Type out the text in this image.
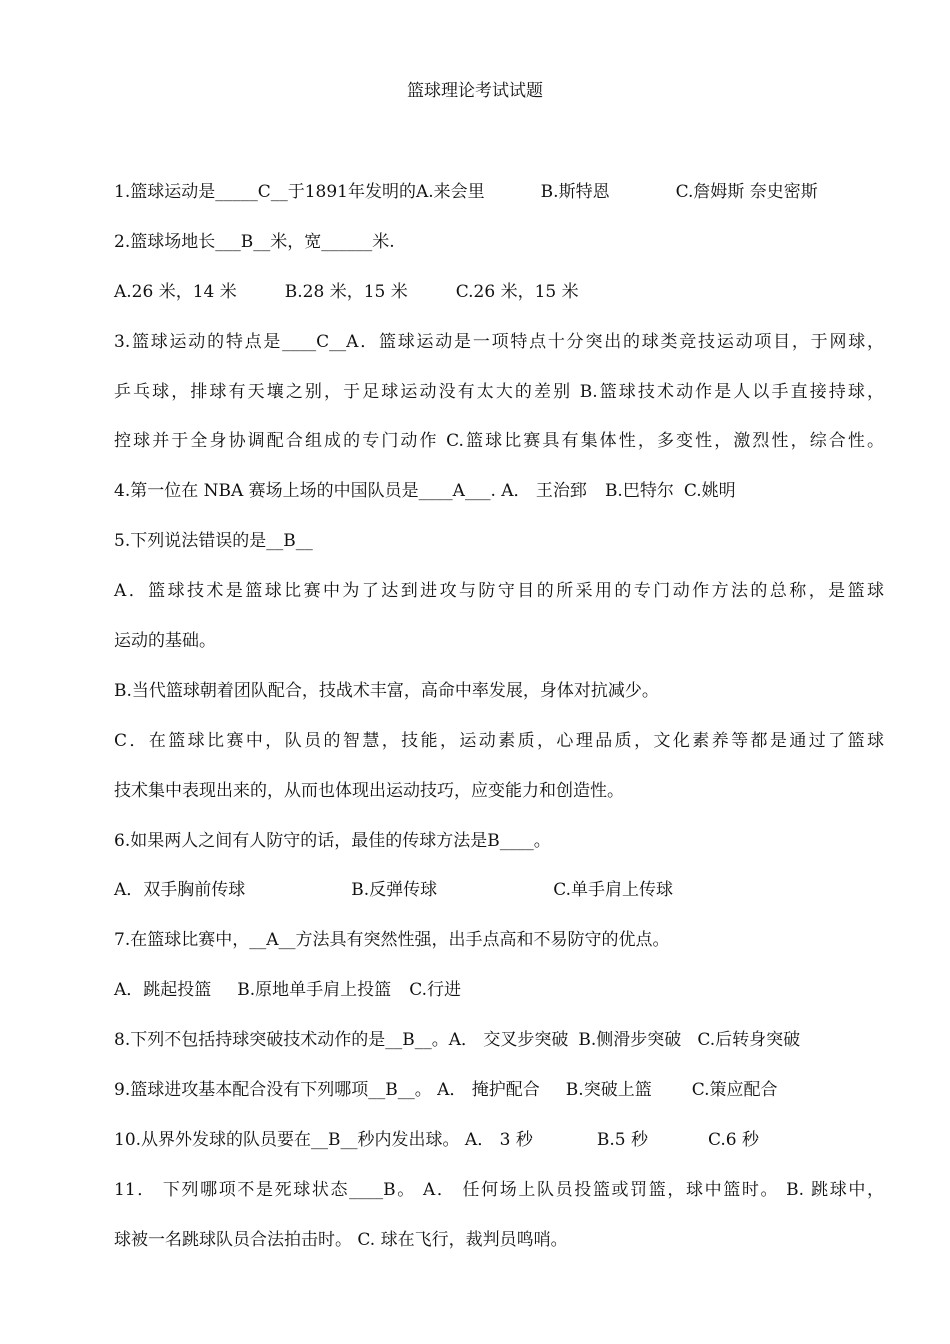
篮球理论考试试题
1.篮球运动是_____C__于1891年发明的A.来会里	B.斯特恩	C.詹姆斯 奈史密斯
2.篮球场地长___B__米，宽______米.
A.26 米，14 米	B.28 米，15 米	C.26 米，15 米
3.篮球运动的特点是____C__A．篮球运动是一项特点十分突出的球类竞技运动项目，于网球，
乒乓球，排球有天壤之别，于足球运动没有太大的差别 B.篮球技术动作是人以手直接持球，
控球并于全身协调配合组成的专门动作 C.篮球比赛具有集体性，多变性，激烈性，综合性。
4.第一位在 NBA 赛场上场的中国队员是____A___. A． 王治郅 B.巴特尔 C.姚明
5.下列说法错误的是__B__
A．篮球技术是篮球比赛中为了达到进攻与防守目的所采用的专门动作方法的总称，是篮球
运动的基础。
B.当代篮球朝着团队配合，技战术丰富，高命中率发展，身体对抗减少。
C．在篮球比赛中，队员的智慧，技能，运动素质，心理品质，文化素养等都是通过了篮球
技术集中表现出来的，从而也体现出运动技巧，应变能力和创造性。
6.如果两人之间有人防守的话，最佳的传球方法是B____。
A．双手胸前传球	B.反弹传球	C.单手肩上传球
7.在篮球比赛中，__A__方法具有突然性强，出手点高和不易防守的优点。
A．跳起投篮 B.原地单手肩上投篮 C.行进
8.下列不包括持球突破技术动作的是__B__。A． 交叉步突破 B.侧滑步突破 C.后转身突破
9.篮球进攻基本配合没有下列哪项__B__。 A． 掩护配合 B.突破上篮 C.策应配合
10.从界外发球的队员要在__B__秒内发出球。 A． 3 秒	B.5 秒	C.6 秒
11． 下列哪项不是死球状态____B。 A． 任何场上队员投篮或罚篮，球中篮时。 B. 跳球中，
球被一名跳球队员合法拍击时。 C. 球在飞行，裁判员鸣哨。
